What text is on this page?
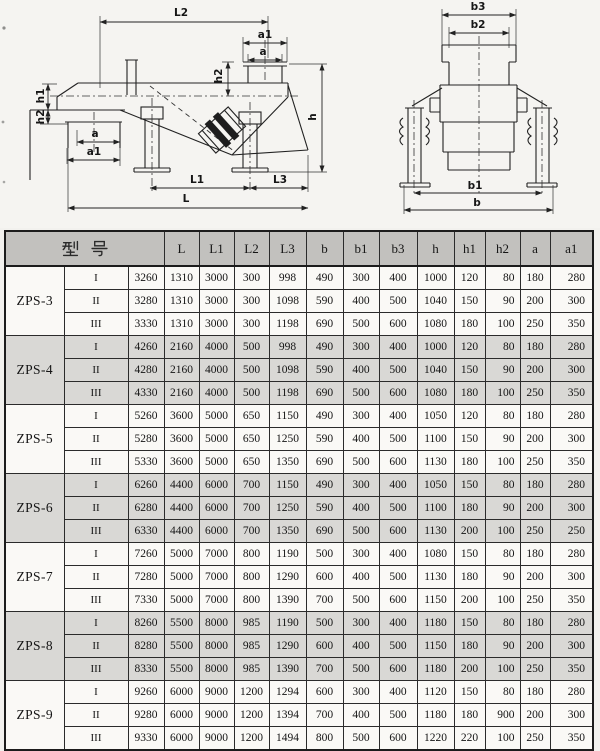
L2
a1
a
h2
h1
h2
a
a1
L1	L3
L
h
b3
b2
b1
b
	L	L1	L2	L3	b	b1	b3	h	h1	h2	a	a1
ZPS-3	I	3260	1310	3000	300	998	490	300	400	1000	120	80	180	280
	II	3280	1310	3000	300	1098	590	400	500	1040	150	90	200	300
	III	3330	1310	3000	300	1198	690	500	600	1080	180	100	250	350
ZPS-4	I	4260	2160	4000	500	998	490	300	400	1000	120	80	180	280
	II	4280	2160	4000	500	1098	590	400	500	1040	150	90	200	300
	III	4330	2160	4000	500	1198	690	500	600	1080	180	100	250	350
ZPS-5	I	5260	3600	5000	650	1150	490	300	400	1050	120	80	180	280
	II	5280	3600	5000	650	1250	590	400	500	1100	150	90	200	300
	III	5330	3600	5000	650	1350	690	500	600	1130	180	100	250	350
ZPS-6	I	6260	4400	6000	700	1150	490	300	400	1050	150	80	180	280
	II	6280	4400	6000	700	1250	590	400	500	1100	180	90	200	300
	III	6330	4400	6000	700	1350	690	500	600	1130	200	100	250	250
ZPS-7	I	7260	5000	7000	800	1190	500	300	400	1080	150	80	180	280
	II	7280	5000	7000	800	1290	600	400	500	1130	180	90	200	300
	III	7330	5000	7000	800	1390	700	500	600	1150	200	100	250	350
ZPS-8	I	8260	5500	8000	985	1190	500	300	400	1180	150	80	180	280
	II	8280	5500	8000	985	1290	600	400	500	1150	180	90	200	300
	III	8330	5500	8000	985	1390	700	500	600	1180	200	100	250	350
ZPS-9	I	9260	6000	9000	1200	1294	600	300	400	1120	150	80	180	280
	II	9280	6000	9000	1200	1394	700	400	500	1180	180	900	200	300
	III	9330	6000	9000	1200	1494	800	500	600	1220	220	100	250	350
